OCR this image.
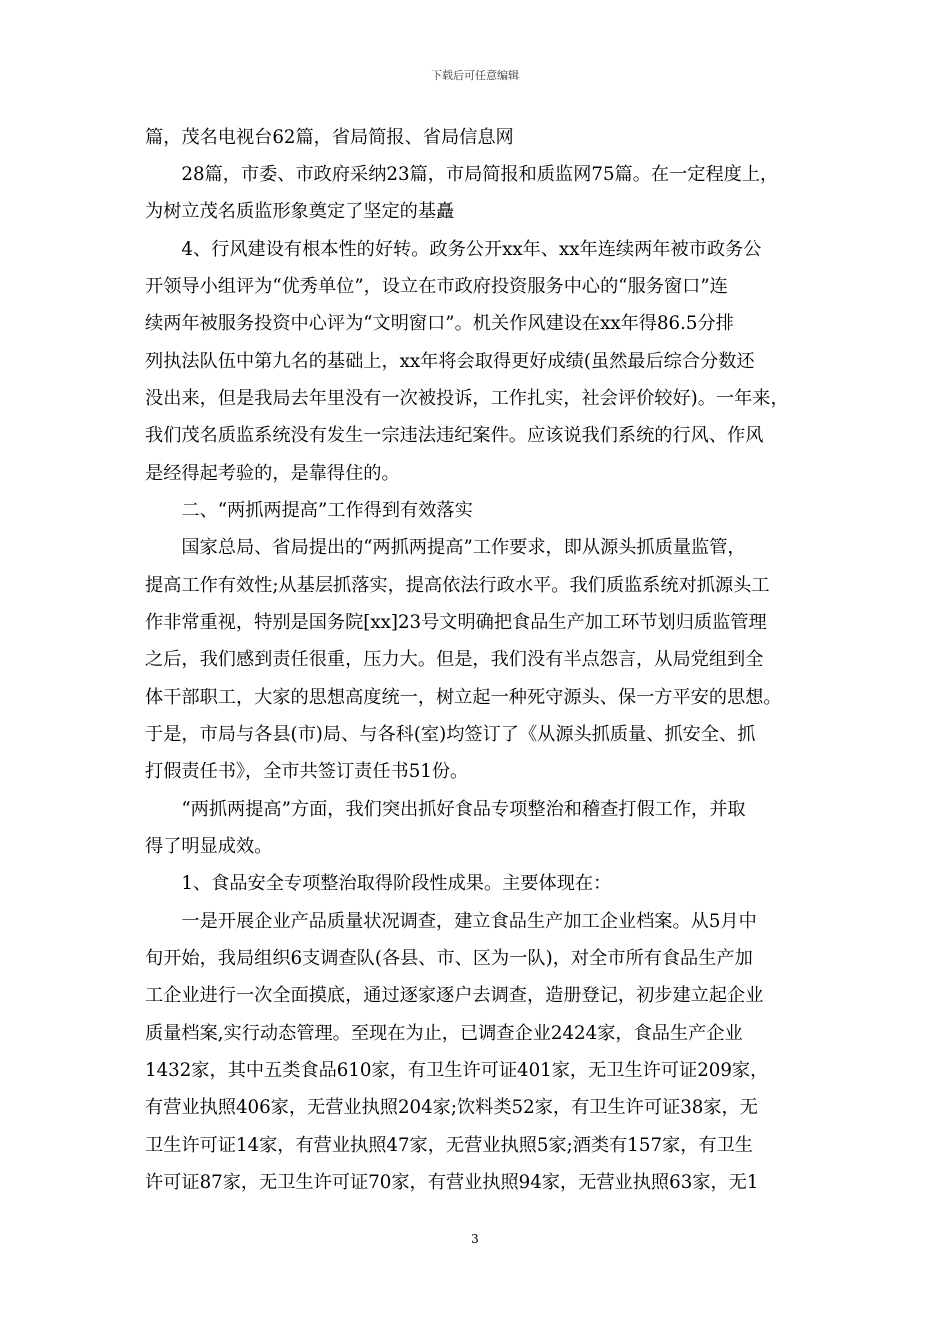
下载后可任意编辑
篇，茂名电视台62篇，省局简报、省局信息网
　　28篇，市委、市政府采纳23篇，市局简报和质监网75篇。在一定程度上，
为树立茂名质监形象奠定了坚定的基矗
　　4、行风建设有根本性的好转。政务公开xx年、xx年连续两年被市政务公
开领导小组评为“优秀单位”，设立在市政府投资服务中心的“服务窗口”连
续两年被服务投资中心评为“文明窗口”。机关作风建设在xx年得86.5分排
列执法队伍中第九名的基础上，xx年将会取得更好成绩(虽然最后综合分数还
没出来，但是我局去年里没有一次被投诉，工作扎实，社会评价较好)。一年来，
我们茂名质监系统没有发生一宗违法违纪案件。应该说我们系统的行风、作风
是经得起考验的，是靠得住的。
　　二、“两抓两提高”工作得到有效落实
　　国家总局、省局提出的“两抓两提高”工作要求，即从源头抓质量监管，
提高工作有效性;从基层抓落实，提高依法行政水平。我们质监系统对抓源头工
作非常重视，特别是国务院[xx]23号文明确把食品生产加工环节划归质监管理
之后，我们感到责任很重，压力大。但是，我们没有半点怨言，从局党组到全
体干部职工，大家的思想高度统一，树立起一种死守源头、保一方平安的思想。
于是，市局与各县(市)局、与各科(室)均签订了《从源头抓质量、抓安全、抓
打假责任书》，全市共签订责任书51份。
　　“两抓两提高”方面，我们突出抓好食品专项整治和稽查打假工作，并取
得了明显成效。
　　1、食品安全专项整治取得阶段性成果。主要体现在：
　　一是开展企业产品质量状况调查，建立食品生产加工企业档案。从5月中
旬开始，我局组织6支调查队(各县、市、区为一队)，对全市所有食品生产加
工企业进行一次全面摸底，通过逐家逐户去调查，造册登记，初步建立起企业
质量档案,实行动态管理。至现在为止，已调查企业2424家，食品生产企业
1432家，其中五类食品610家，有卫生许可证401家，无卫生许可证209家，
有营业执照406家，无营业执照204家;饮料类52家，有卫生许可证38家，无
卫生许可证14家，有营业执照47家，无营业执照5家;酒类有157家，有卫生
许可证87家，无卫生许可证70家，有营业执照94家，无营业执照63家，无1
3
